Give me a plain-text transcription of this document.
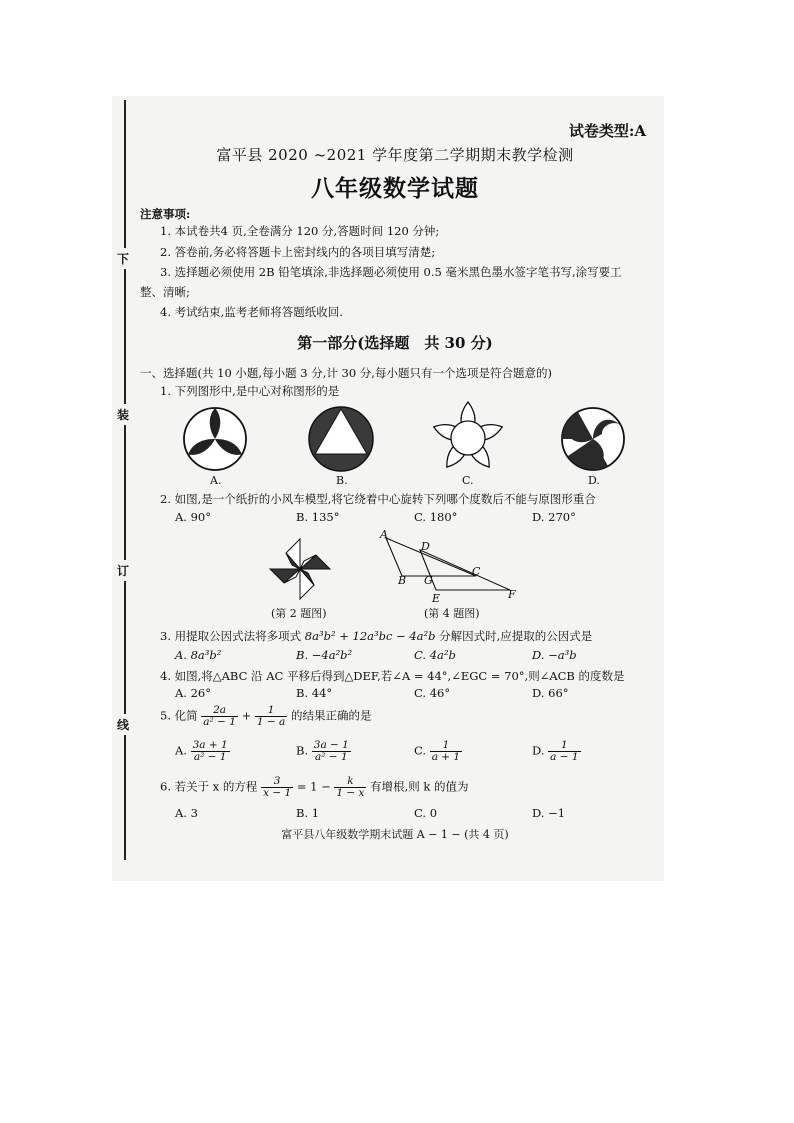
下
装
订
线
试卷类型:A
富平县 2020 ~2021 学年度第二学期期末教学检测
八年级数学试题
注意事项:
1. 本试卷共4 页,全卷满分 120 分,答题时间 120 分钟;
2. 答卷前,务必将答题卡上密封线内的各项目填写清楚;
3. 选择题必须使用 2B 铅笔填涂,非选择题必须使用 0.5 毫米黑色墨水签字笔书写,涂写要工
整、清晰;
4. 考试结束,监考老师将答题纸收回.
第一部分(选择题　共 30 分)
一、选择题(共 10 小题,每小题 3 分,计 30 分,每小题只有一个选项是符合题意的)
1. 下列图形中,是中心对称图形的是
A.	B.	C.	D.
2. 如图,是一个纸折的小风车模型,将它绕着中心旋转下列哪个度数后不能与原图形重合
A. 90°	B. 135°	C. 180°	D. 270°
(第 2 题图)
A
D
B G
C
E	F
(第 4 题图)
3. 用提取公因式法将多项式 8a³b² + 12a³bc − 4a²b 分解因式时,应提取的公因式是
A. 8a³b²	B. −4a²b²	C. 4a²b	D. −a³b
4. 如图,将△ABC 沿 AC 平移后得到△DEF,若∠A = 44°,∠EGC = 70°,则∠ACB 的度数是
A. 26°	B. 44°	C. 46°	D. 66°
5. 化简 $\frac{2a}{\text{a² − 1}} + \frac{1}{1 - a}$ 的结果正确的是
A. $\frac{3a + 1}{\text{a² − 1}}$	B. $\frac{3a - 1}{\text{a² − 1}}$	C. $\frac{1}{a + 1}$	D. $\frac{1}{a - 1}$
6. 若关于 x 的方程 $\frac{3}{x - 1} = 1 - \frac{k}{1 - x}$ 有增根,则 k 的值为
A. 3	B. 1	C. 0	D. −1
富平县八年级数学期末试题 A − 1 − (共 4 页)
